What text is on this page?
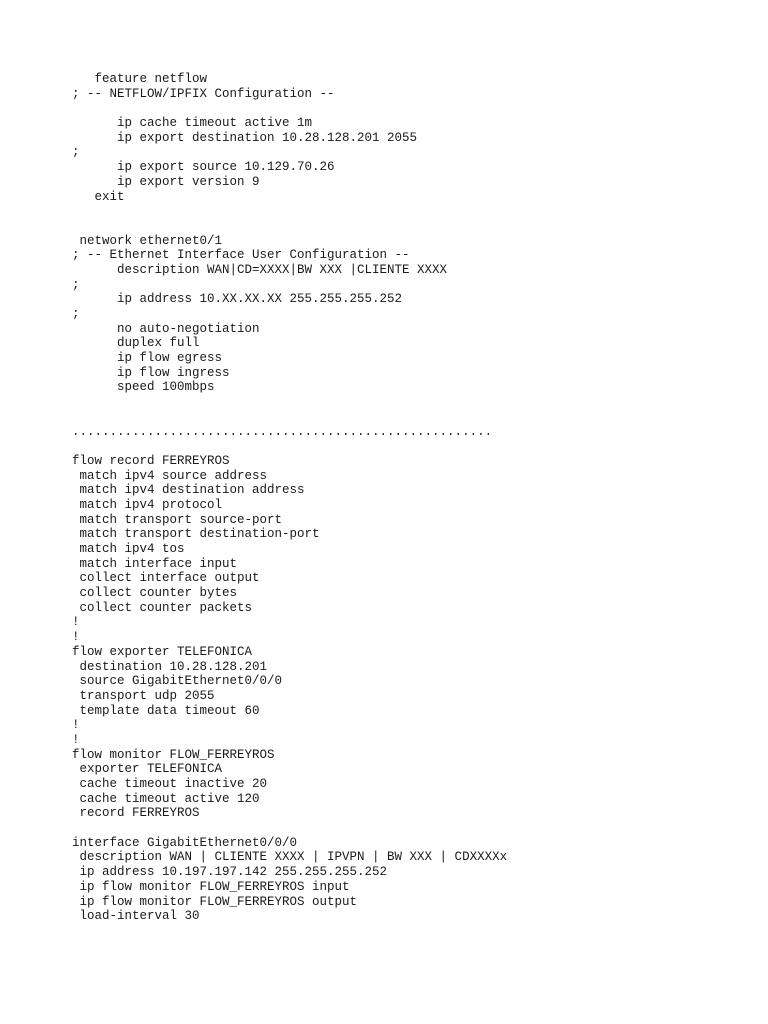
feature netflow
; -- NETFLOW/IPFIX Configuration --
ip cache timeout active 1m
ip export destination 10.28.128.201 2055
;
ip export source 10.129.70.26
ip export version 9
exit
network ethernet0/1
; -- Ethernet Interface User Configuration --
description WAN|CD=XXXX|BW XXX |CLIENTE XXXX
;
ip address 10.XX.XX.XX 255.255.255.252
;
no auto-negotiation
duplex full
ip flow egress
ip flow ingress
speed 100mbps
........................................................
flow record FERREYROS
match ipv4 source address
match ipv4 destination address
match ipv4 protocol
match transport source-port
match transport destination-port
match ipv4 tos
match interface input
collect interface output
collect counter bytes
collect counter packets
!
!
flow exporter TELEFONICA
destination 10.28.128.201
source GigabitEthernet0/0/0
transport udp 2055
template data timeout 60
!
!
flow monitor FLOW_FERREYROS
exporter TELEFONICA
cache timeout inactive 20
cache timeout active 120
record FERREYROS
interface GigabitEthernet0/0/0
description WAN | CLIENTE XXXX | IPVPN | BW XXX | CDXXXXx
ip address 10.197.197.142 255.255.255.252
ip flow monitor FLOW_FERREYROS input
ip flow monitor FLOW_FERREYROS output
load-interval 30
